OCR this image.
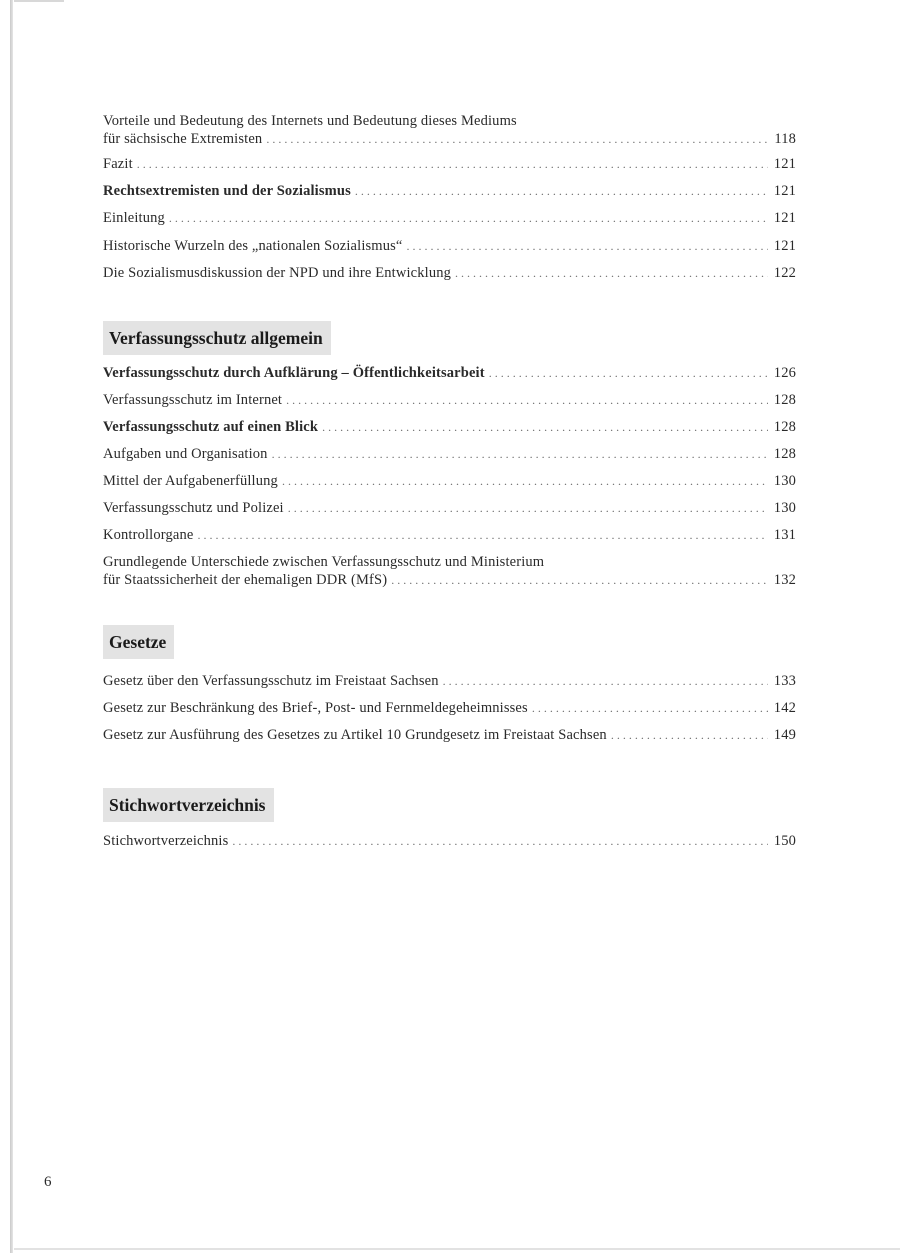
Vorteile und Bedeutung des Internets und Bedeutung dieses Mediums
für sächsische Extremisten . . .	118
Fazit . . .	121
Rechtsextremisten und der Sozialismus . . .	121
Einleitung . . .	121
Historische Wurzeln des „nationalen Sozialismus“ . . .	121
Die Sozialismusdiskussion der NPD und ihre Entwicklung . . .	122
Verfassungsschutz allgemein
Verfassungsschutz durch Aufklärung – Öffentlichkeitsarbeit . . .	126
Verfassungsschutz im Internet . . .	128
Verfassungsschutz auf einen Blick . . .	128
Aufgaben und Organisation . . .	128
Mittel der Aufgabenerfüllung . . .	130
Verfassungsschutz und Polizei . . .	130
Kontrollorgane . . .	131
Grundlegende Unterschiede zwischen Verfassungsschutz und Ministerium
für Staatssicherheit der ehemaligen DDR (MfS) . . .	132
Gesetze
Gesetz über den Verfassungsschutz im Freistaat Sachsen . . .	133
Gesetz zur Beschränkung des Brief-, Post- und Fernmeldegeheimnisses . . .	142
Gesetz zur Ausführung des Gesetzes zu Artikel 10 Grundgesetz im Freistaat Sachsen . . .	149
Stichwortverzeichnis
Stichwortverzeichnis . . .	150
6
